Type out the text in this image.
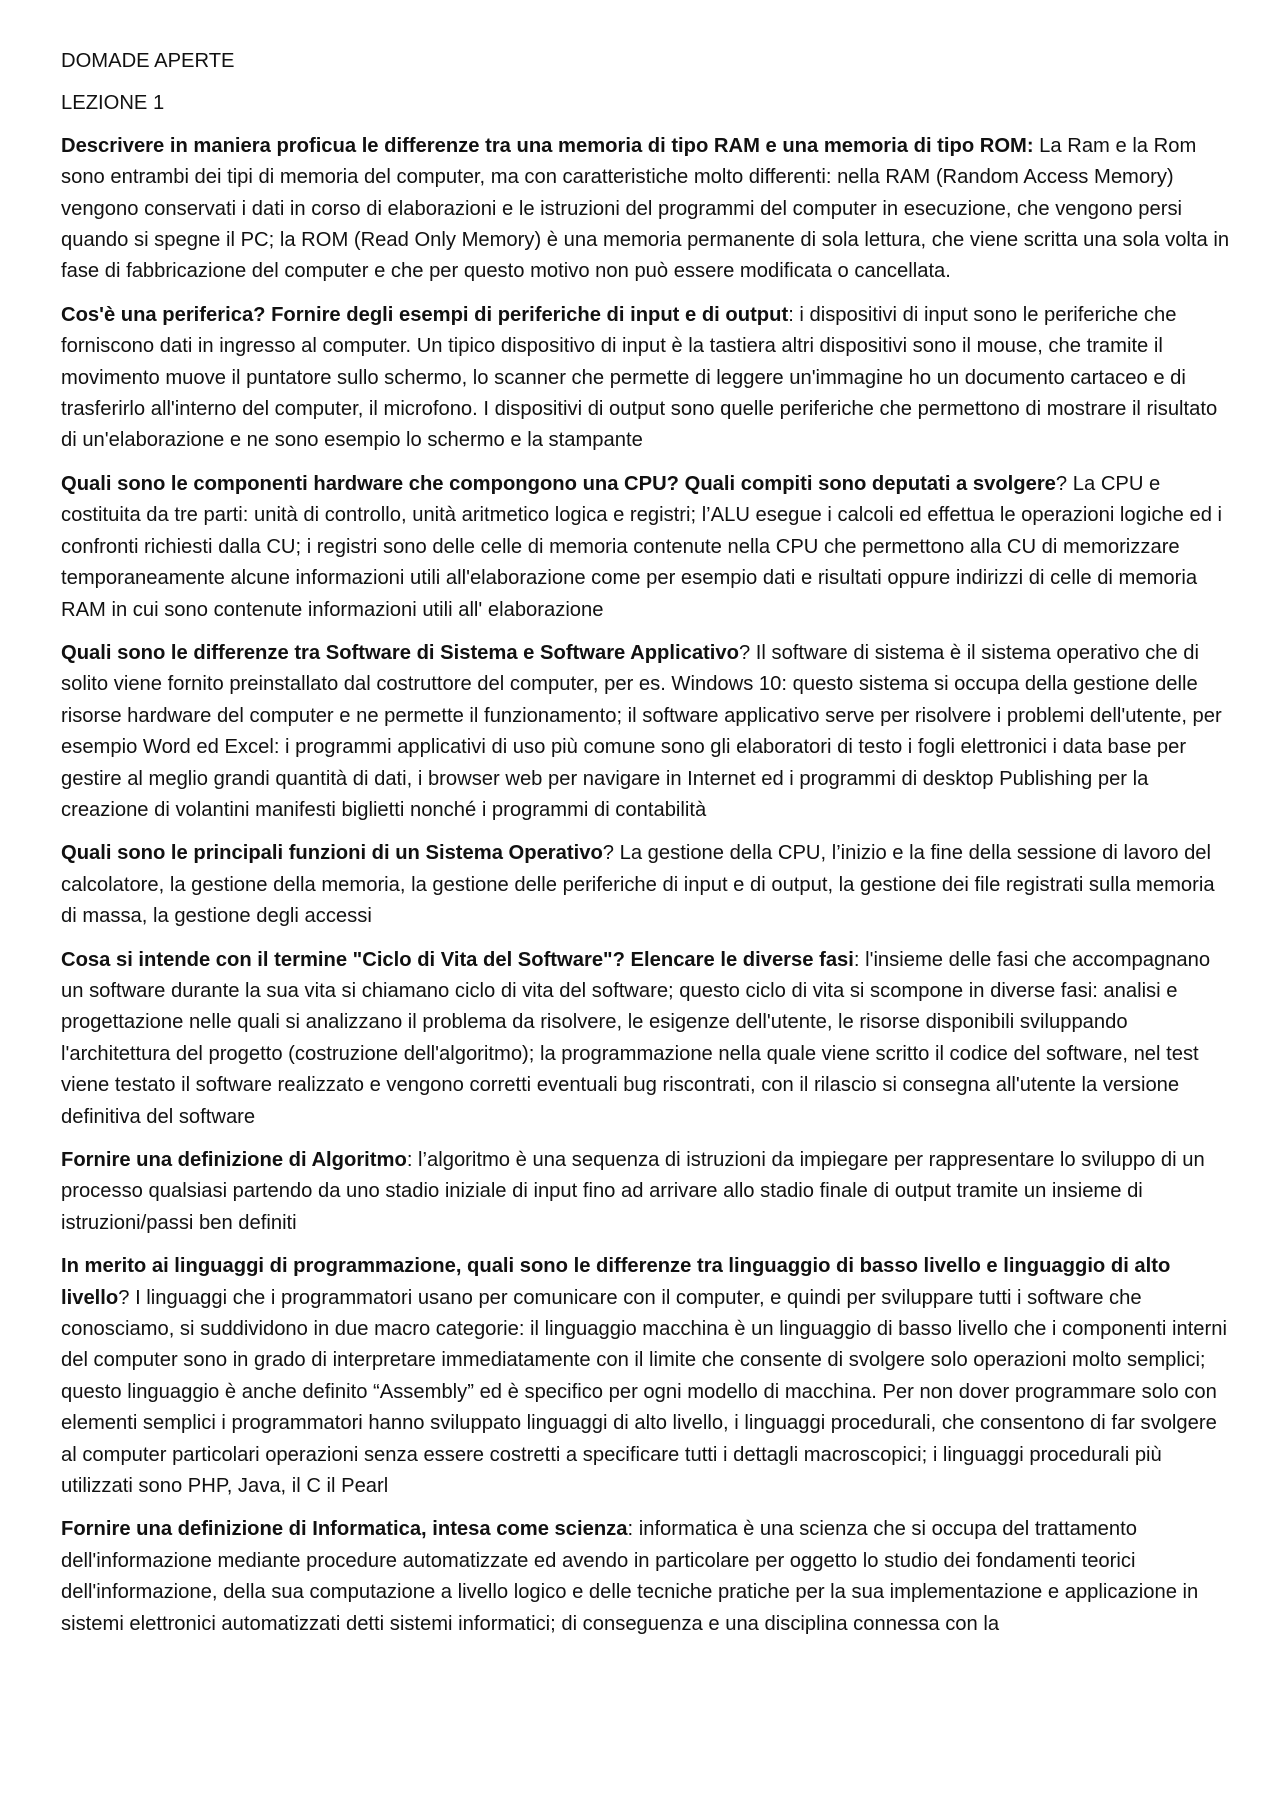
DOMADE APERTE

LEZIONE 1

Descrivere in maniera proficua le differenze tra una memoria di tipo RAM e una memoria di tipo ROM: La Ram e la Rom sono entrambi dei tipi di memoria del computer, ma con caratteristiche molto differenti: nella RAM (Random Access Memory) vengono conservati i dati in corso di elaborazioni e le istruzioni del programmi del computer in esecuzione, che vengono persi quando si spegne il PC; la ROM (Read Only Memory) è una memoria permanente di sola lettura, che viene scritta una sola volta in fase di fabbricazione del computer e che per questo motivo non può essere modificata o cancellata.

Cos'è una periferica? Fornire degli esempi di periferiche di input e di output: i dispositivi di input sono le periferiche che forniscono dati in ingresso al computer. Un tipico dispositivo di input è la tastiera altri dispositivi sono il mouse, che tramite il movimento muove il puntatore sullo schermo, lo scanner che permette di leggere un'immagine ho un documento cartaceo e di trasferirlo all'interno del computer, il microfono. I dispositivi di output sono quelle periferiche che permettono di mostrare il risultato di un'elaborazione e ne sono esempio lo schermo e la stampante

Quali sono le componenti hardware che compongono una CPU? Quali compiti sono deputati a svolgere? La CPU e costituita da tre parti: unità di controllo, unità aritmetico logica e registri; l’ALU esegue i calcoli ed effettua le operazioni logiche ed i confronti richiesti dalla CU; i registri sono delle celle di memoria contenute nella CPU che permettono alla CU di memorizzare temporaneamente alcune informazioni utili all'elaborazione come per esempio dati e risultati oppure indirizzi di celle di memoria RAM in cui sono contenute informazioni utili all' elaborazione

Quali sono le differenze tra Software di Sistema e Software Applicativo? Il software di sistema è il sistema operativo che di solito viene fornito preinstallato dal costruttore del computer, per es. Windows 10: questo sistema si occupa della gestione delle risorse hardware del computer e ne permette il funzionamento; il software applicativo serve per risolvere i problemi dell'utente, per esempio Word ed Excel: i programmi applicativi di uso più comune sono gli elaboratori di testo i fogli elettronici i data base per gestire al meglio grandi quantità di dati, i browser web per navigare in Internet ed i programmi di desktop Publishing per la creazione di volantini manifesti biglietti nonché i programmi di contabilità

Quali sono le principali funzioni di un Sistema Operativo? La gestione della CPU, l’inizio e la fine della sessione di lavoro del calcolatore, la gestione della memoria, la gestione delle periferiche di input e di output, la gestione dei file registrati sulla memoria di massa, la gestione degli accessi

Cosa si intende con il termine "Ciclo di Vita del Software"? Elencare le diverse fasi: l'insieme delle fasi che accompagnano un software durante la sua vita si chiamano ciclo di vita del software; questo ciclo di vita si scompone in diverse fasi: analisi e progettazione nelle quali si analizzano il problema da risolvere, le esigenze dell'utente, le risorse disponibili sviluppando l'architettura del progetto (costruzione dell'algoritmo); la programmazione nella quale viene scritto il codice del software, nel test viene testato il software realizzato e vengono corretti eventuali bug riscontrati, con il rilascio si consegna all'utente la versione definitiva del software

Fornire una definizione di Algoritmo: l’algoritmo è una sequenza di istruzioni da impiegare per rappresentare lo sviluppo di un processo qualsiasi partendo da uno stadio iniziale di input fino ad arrivare allo stadio finale di output tramite un insieme di istruzioni/passi ben definiti

In merito ai linguaggi di programmazione, quali sono le differenze tra linguaggio di basso livello e linguaggio di alto livello? I linguaggi che i programmatori usano per comunicare con il computer, e quindi per sviluppare tutti i software che conosciamo, si suddividono in due macro categorie: il linguaggio macchina è un linguaggio di basso livello che i componenti interni del computer sono in grado di interpretare immediatamente con il limite che consente di svolgere solo operazioni molto semplici; questo linguaggio è anche definito “Assembly” ed è specifico per ogni modello di macchina. Per non dover programmare solo con elementi semplici i programmatori hanno sviluppato linguaggi di alto livello, i linguaggi procedurali, che consentono di far svolgere al computer particolari operazioni senza essere costretti a specificare tutti i dettagli macroscopici; i linguaggi procedurali più utilizzati sono PHP, Java, il C il Pearl

Fornire una definizione di Informatica, intesa come scienza: informatica è una scienza che si occupa del trattamento dell'informazione mediante procedure automatizzate ed avendo in particolare per oggetto lo studio dei fondamenti teorici dell'informazione, della sua computazione a livello logico e delle tecniche pratiche per la sua implementazione e applicazione in sistemi elettronici automatizzati detti sistemi informatici; di conseguenza e una disciplina connessa con la
